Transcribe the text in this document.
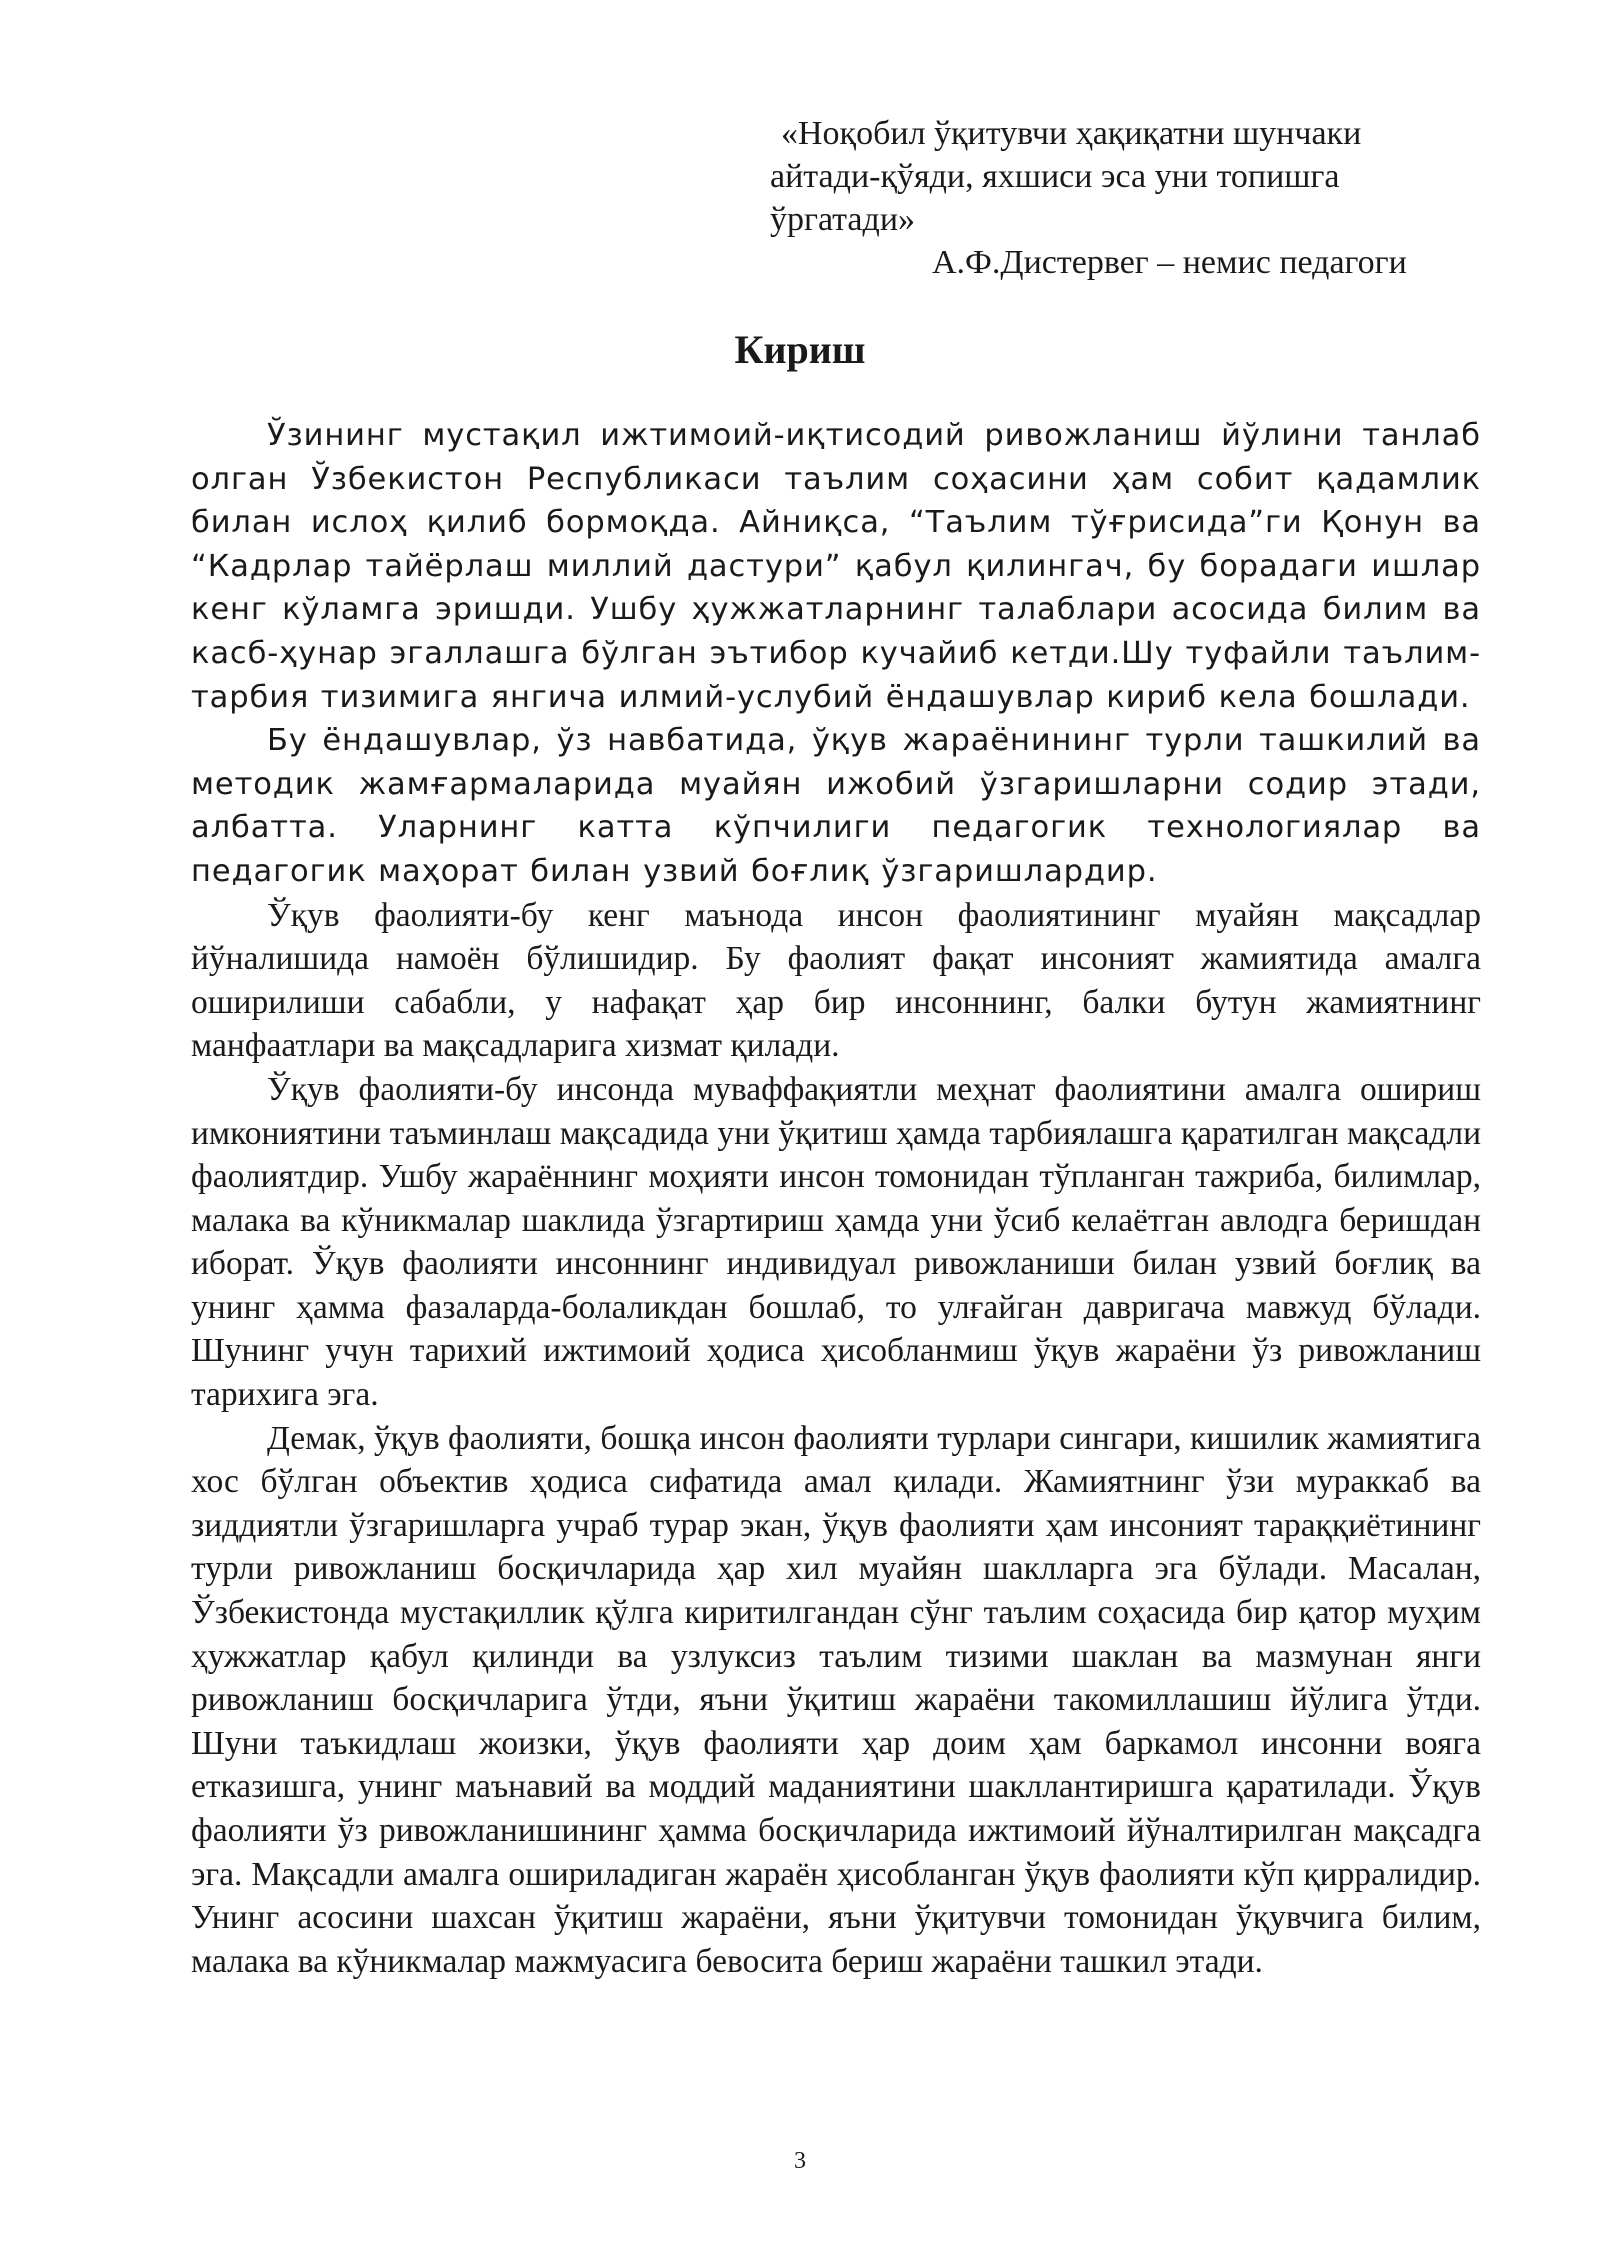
«Ноқобил ўқитувчи ҳақиқатни шунчаки айтади-қўяди, яхшиси эса уни топишга ўргатади»

А.Ф.Дистервег – немис педагоги

Кириш

Ўзининг мустақил ижтимоий-иқтисодий ривожланиш йўлини танлаб олган Ўзбекистон Республикаси таълим соҳасини ҳам собит қадамлик билан ислоҳ қилиб бормоқда. Айниқса, “Таълим тўғрисида”ги Қонун ва “Кадрлар тайёрлаш миллий дастури” қабул қилингач, бу борадаги ишлар кенг кўламга эришди. Ушбу ҳужжатларнинг талаблари асосида билим ва касб-ҳунар эгаллашга бўлган эътибор кучайиб кетди.Шу туфайли таълим-тарбия тизимига янгича илмий-услубий ёндашувлар кириб кела бошлади.

Бу ёндашувлар, ўз навбатида, ўқув жараёнининг турли ташкилий ва методик жамғармаларида муайян ижобий ўзгаришларни содир этади, албатта. Уларнинг катта кўпчилиги педагогик технологиялар ва педагогик маҳорат билан узвий боғлиқ ўзгаришлардир.

Ўқув фаолияти-бу кенг маънода инсон фаолиятининг муайян мақсадлар йўналишида намоён бўлишидир. Бу фаолият фақат инсоният жамиятида амалга оширилиши сабабли, у нафақат ҳар бир инсоннинг, балки бутун жамиятнинг манфаатлари ва мақсадларига хизмат қилади.

Ўқув фаолияти-бу инсонда муваффақиятли меҳнат фаолиятини амалга ошириш имкониятини таъминлаш мақсадида уни ўқитиш ҳамда тарбиялашга қаратилган мақсадли фаолиятдир. Ушбу жараённинг моҳияти инсон томонидан тўпланган тажриба, билимлар, малака ва кўникмалар шаклида ўзгартириш ҳамда уни ўсиб келаётган авлодга беришдан иборат. Ўқув фаолияти инсоннинг индивидуал ривожланиши билан узвий боғлиқ ва унинг ҳамма фазаларда-болаликдан бошлаб, то улғайган давригача мавжуд бўлади. Шунинг учун тарихий ижтимоий ҳодиса ҳисобланмиш ўқув жараёни ўз ривожланиш тарихига эга.

Демак, ўқув фаолияти, бошқа инсон фаолияти турлари сингари, кишилик жамиятига хос бўлган объектив ҳодиса сифатида амал қилади. Жамиятнинг ўзи мураккаб ва зиддиятли ўзгаришларга учраб турар экан, ўқув фаолияти ҳам инсоният тараққиётининг турли ривожланиш босқичларида ҳар хил муайян шаклларга эга бўлади. Масалан, Ўзбекистонда мустақиллик қўлга киритилгандан сўнг таълим соҳасида бир қатор муҳим ҳужжатлар қабул қилинди ва узлуксиз таълим тизими шаклан ва мазмунан янги ривожланиш босқичларига ўтди, яъни ўқитиш жараёни такомиллашиш йўлига ўтди. Шуни таъкидлаш жоизки, ўқув фаолияти ҳар доим ҳам баркамол инсонни вояга етказишга, унинг маънавий ва моддий маданиятини шакллантиришга қаратилади. Ўқув фаолияти ўз ривожланишининг ҳамма босқичларида ижтимоий йўналтирилган мақсадга эга. Мақсадли амалга ошириладиган жараён ҳисобланган ўқув фаолияти кўп қирралидир. Унинг асосини шахсан ўқитиш жараёни, яъни ўқитувчи томонидан ўқувчига билим, малака ва кўникмалар мажмуасига бевосита бериш жараёни ташкил этади.

3
